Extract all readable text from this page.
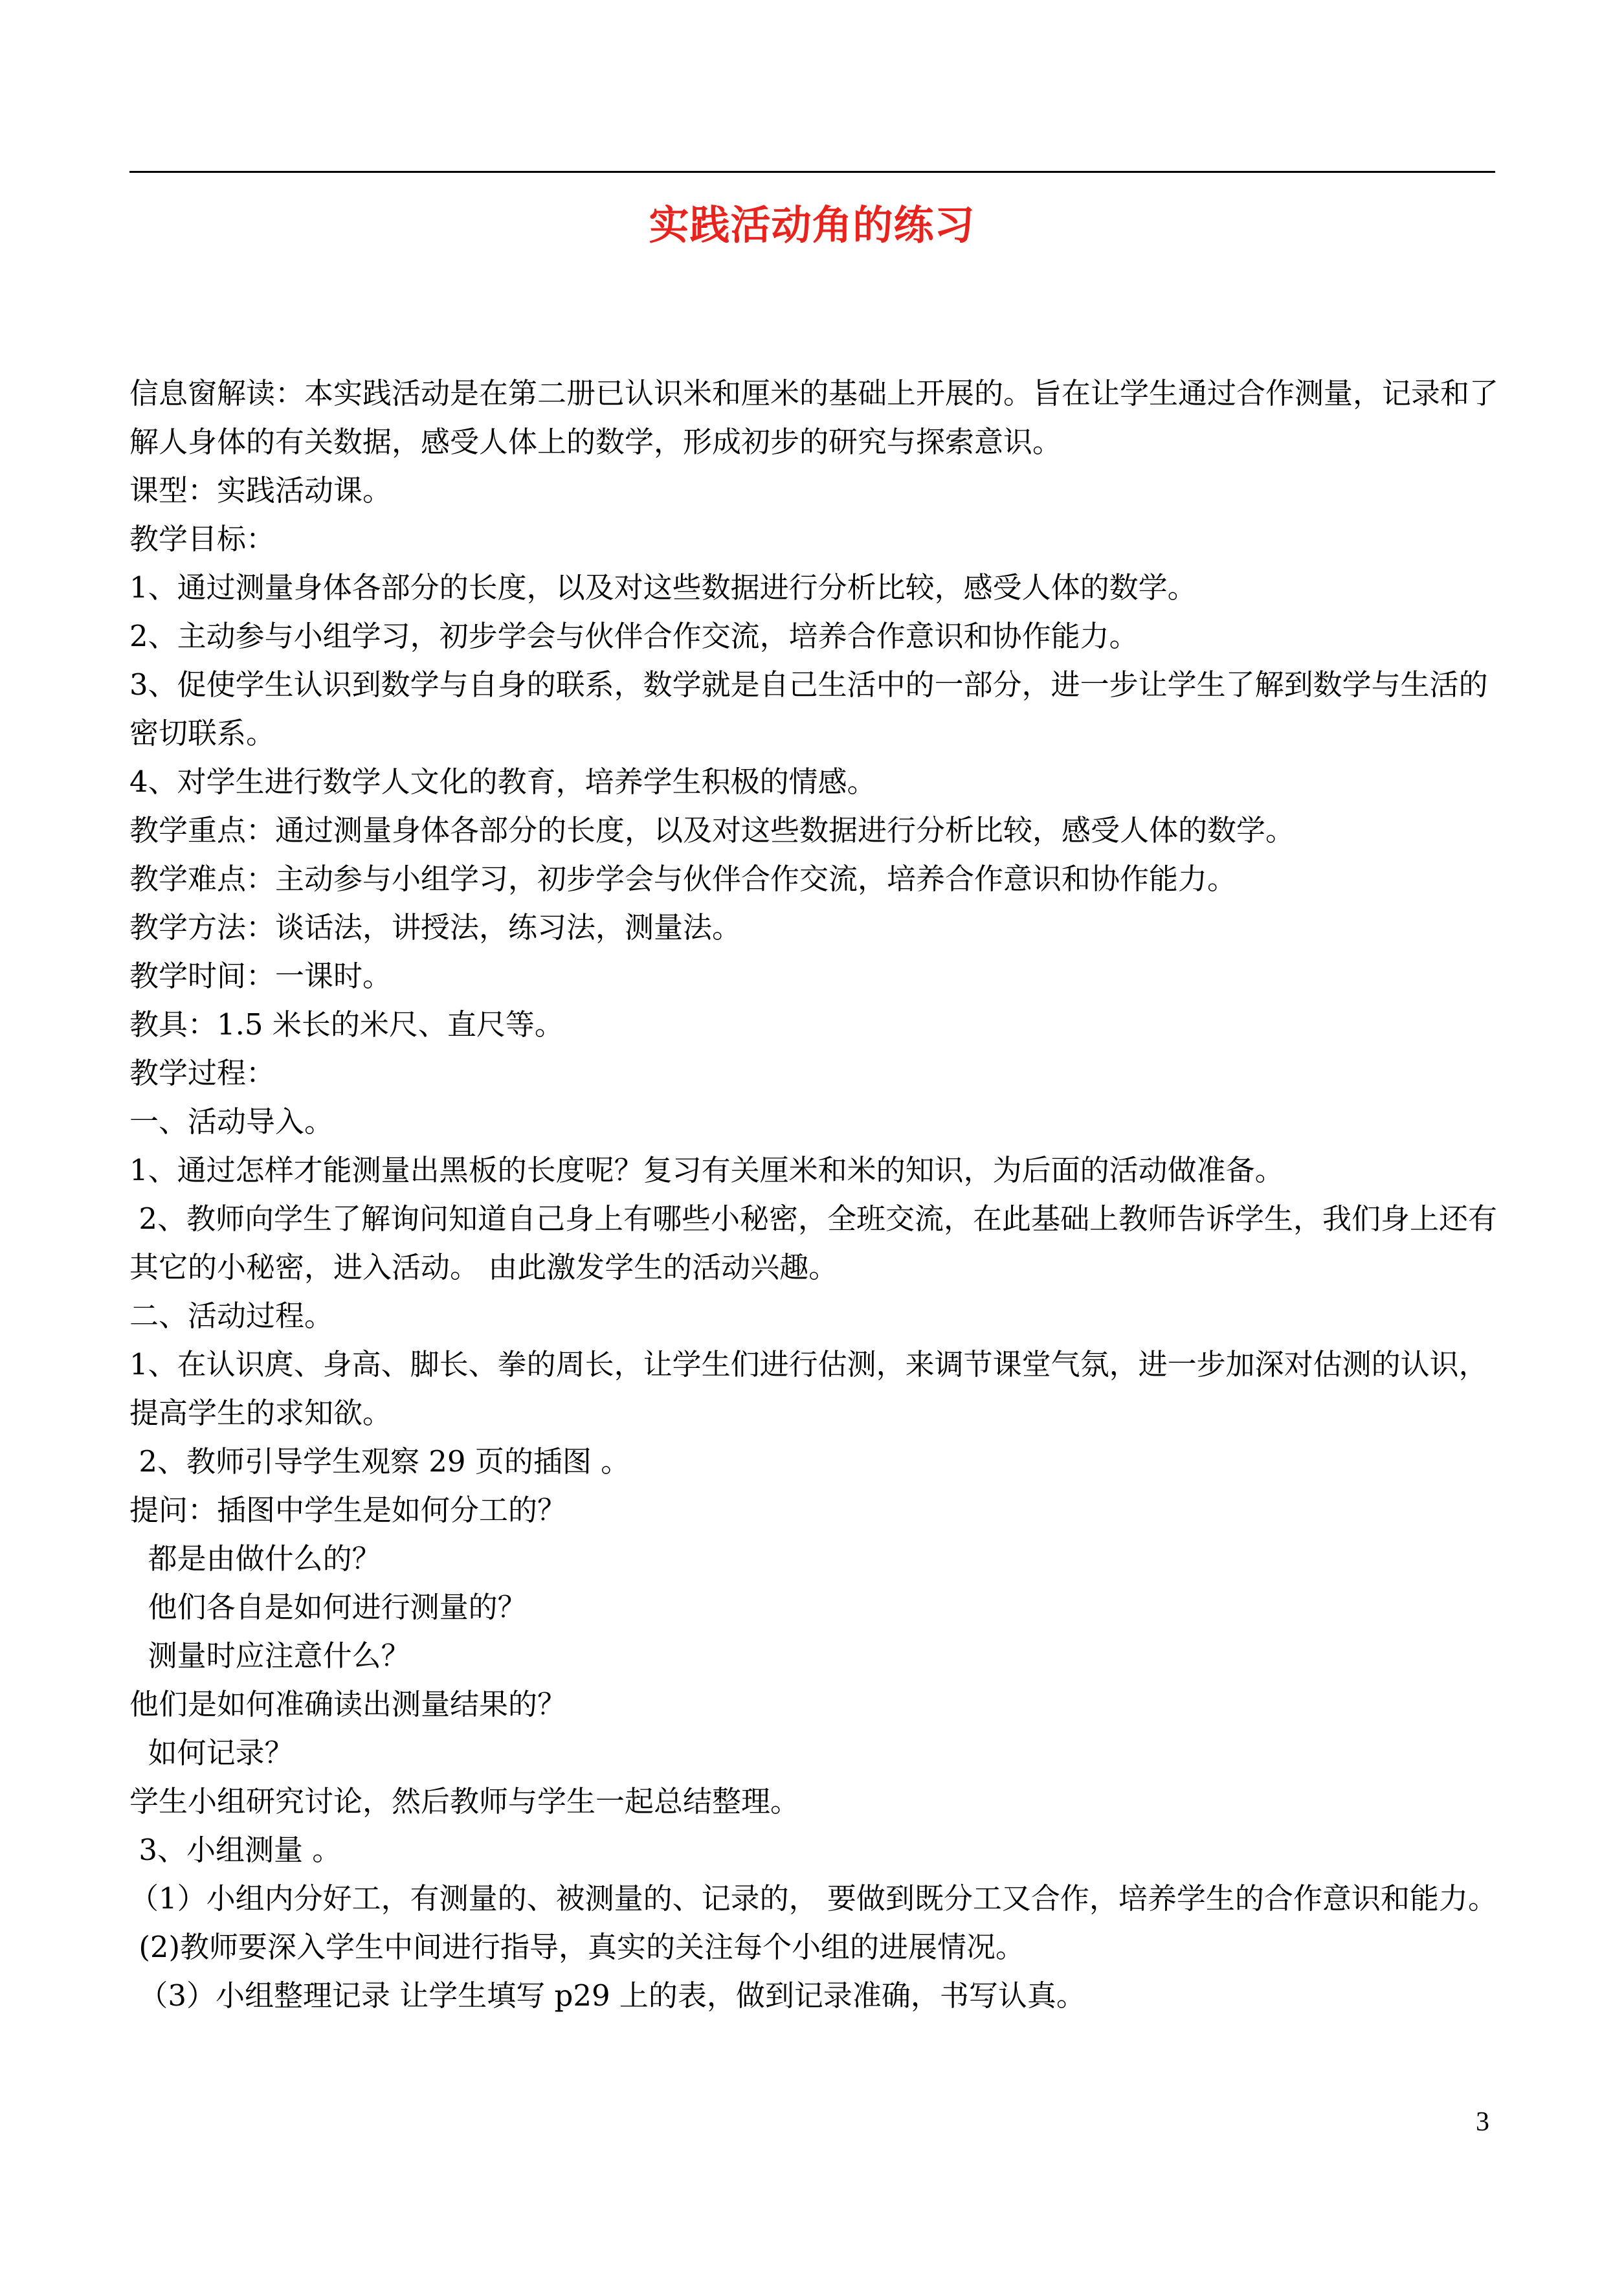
实践活动角的练习

信息窗解读：本实践活动是在第二册已认识米和厘米的基础上开展的。旨在让学生通过合作测量，记录和了解人身体的有关数据，感受人体上的数学，形成初步的研究与探索意识。

课型：实践活动课。

教学目标：

1、通过测量身体各部分的长度，以及对这些数据进行分析比较，感受人体的数学。

2、主动参与小组学习，初步学会与伙伴合作交流，培养合作意识和协作能力。

3、促使学生认识到数学与自身的联系，数学就是自己生活中的一部分，进一步让学生了解到数学与生活的密切联系。

4、对学生进行数学人文化的教育，培养学生积极的情感。

教学重点：通过测量身体各部分的长度，以及对这些数据进行分析比较，感受人体的数学。

教学难点：主动参与小组学习，初步学会与伙伴合作交流，培养合作意识和协作能力。

教学方法：谈话法，讲授法，练习法，测量法。

教学时间：一课时。

教具：1.5 米长的米尺、直尺等。

教学过程：

一、活动导入。

1、通过怎样才能测量出黑板的长度呢？复习有关厘米和米的知识，为后面的活动做准备。

2、教师向学生了解询问知道自己身上有哪些小秘密，全班交流，在此基础上教师告诉学生，我们身上还有其它的小秘密，进入活动。 由此激发学生的活动兴趣。

二、活动过程。

1、在认识庹、身高、脚长、拳的周长，让学生们进行估测，来调节课堂气氛，进一步加深对估测的认识，提高学生的求知欲。

2、教师引导学生观察 29 页的插图 。

提问：插图中学生是如何分工的？

都是由做什么的？

他们各自是如何进行测量的？

测量时应注意什么？

他们是如何准确读出测量结果的？

如何记录？

学生小组研究讨论，然后教师与学生一起总结整理。

3、小组测量 。

（1）小组内分好工，有测量的、被测量的、记录的， 要做到既分工又合作，培养学生的合作意识和能力。

(2)教师要深入学生中间进行指导，真实的关注每个小组的进展情况。

（3）小组整理记录 让学生填写 p29 上的表，做到记录准确，书写认真。

3
